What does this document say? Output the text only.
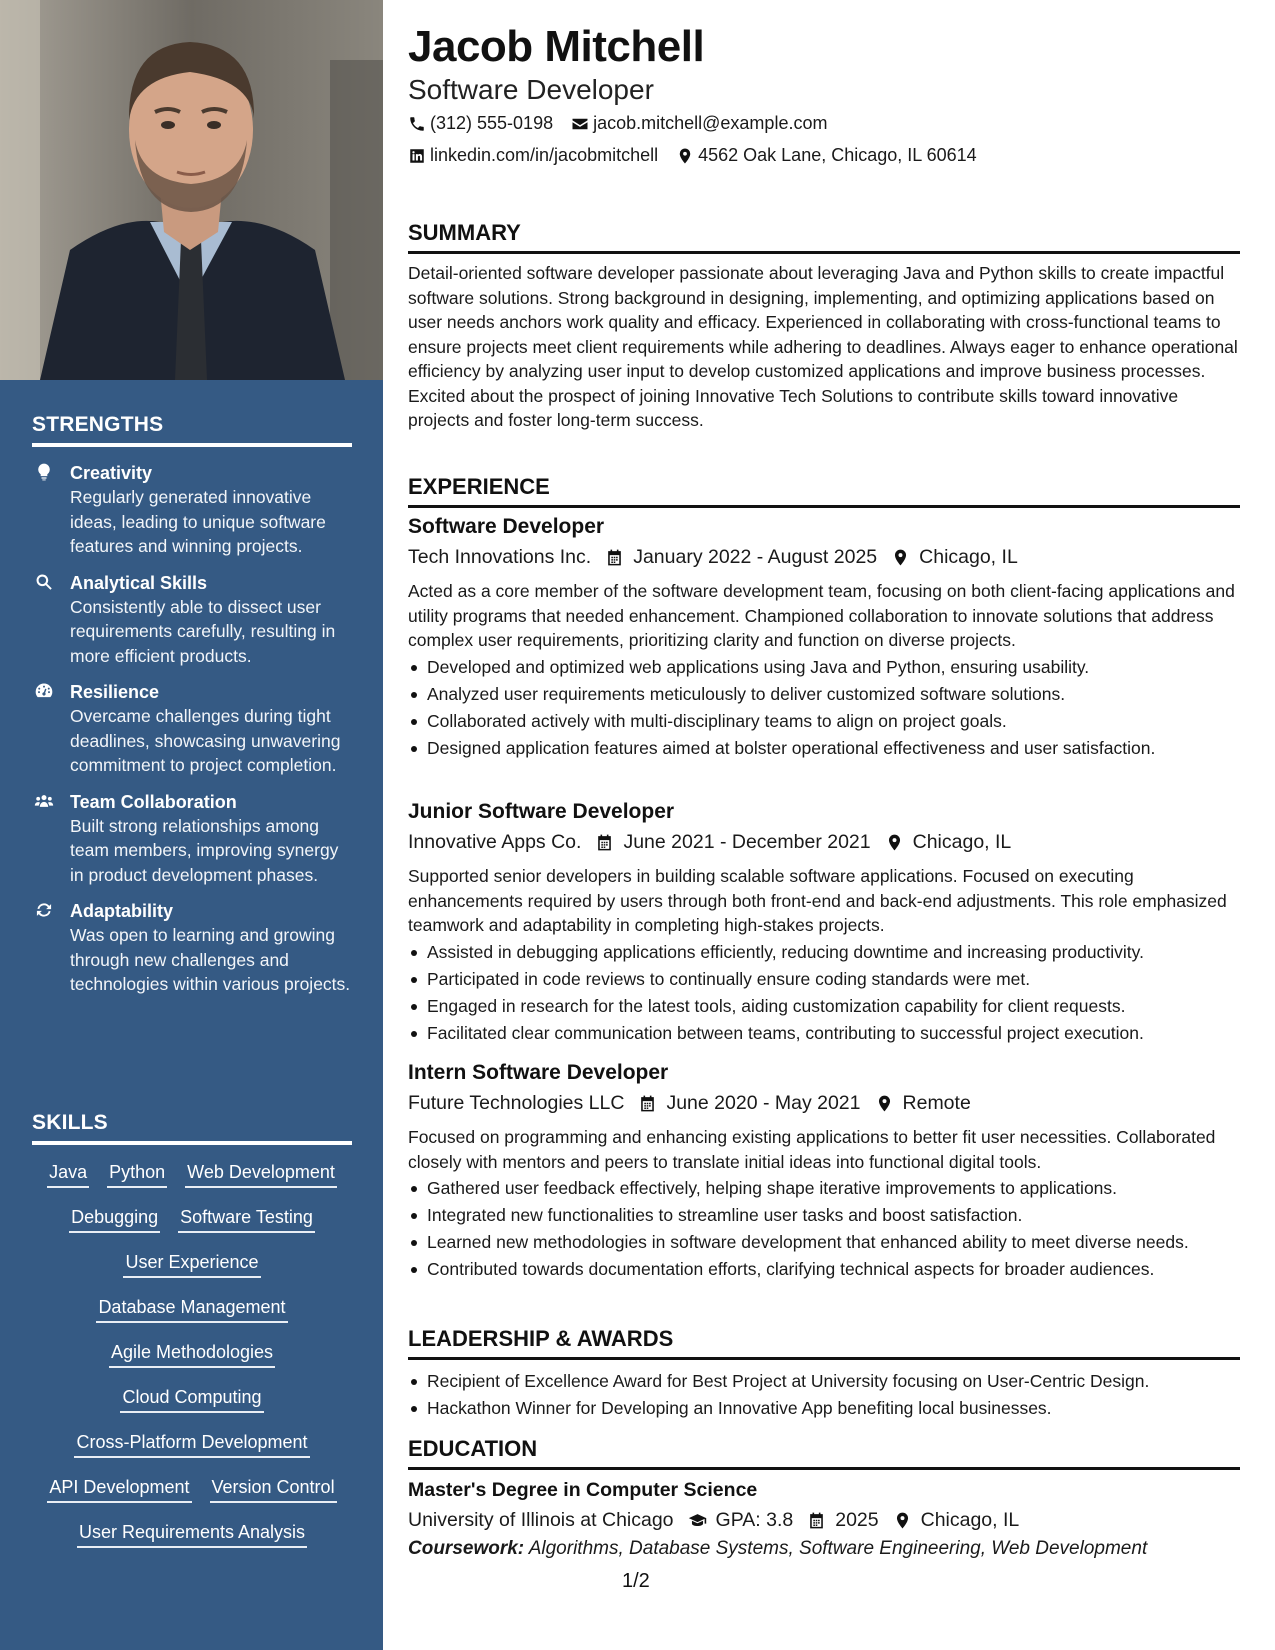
STRENGTHS
Creativity
Regularly generated innovative ideas, leading to unique software features and winning projects.
Analytical Skills
Consistently able to dissect user requirements carefully, resulting in more efficient products.
Resilience
Overcame challenges during tight deadlines, showcasing unwavering commitment to project completion.
Team Collaboration
Built strong relationships among team members, improving synergy in product development phases.
Adaptability
Was open to learning and growing through new challenges and technologies within various projects.
SKILLS
Java Python Web Development
Debugging Software Testing
User Experience
Database Management
Agile Methodologies
Cloud Computing
Cross-Platform Development
API Development Version Control
User Requirements Analysis
Jacob Mitchell
Software Developer
(312) 555-0198 jacob.mitchell@example.com
linkedin.com/in/jacobmitchell 4562 Oak Lane, Chicago, IL 60614
SUMMARY
Detail-oriented software developer passionate about leveraging Java and Python skills to create impactful software solutions. Strong background in designing, implementing, and optimizing applications based on user needs anchors work quality and efficacy. Experienced in collaborating with cross-functional teams to ensure projects meet client requirements while adhering to deadlines. Always eager to enhance operational efficiency by analyzing user input to develop customized applications and improve business processes. Excited about the prospect of joining Innovative Tech Solutions to contribute skills toward innovative projects and foster long-term success.
EXPERIENCE
Software Developer
Tech Innovations Inc. January 2022 - August 2025 Chicago, IL
Acted as a core member of the software development team, focusing on both client-facing applications and utility programs that needed enhancement. Championed collaboration to innovate solutions that address complex user requirements, prioritizing clarity and function on diverse projects.
Developed and optimized web applications using Java and Python, ensuring usability.
Analyzed user requirements meticulously to deliver customized software solutions.
Collaborated actively with multi-disciplinary teams to align on project goals.
Designed application features aimed at bolster operational effectiveness and user satisfaction.
Junior Software Developer
Innovative Apps Co. June 2021 - December 2021 Chicago, IL
Supported senior developers in building scalable software applications. Focused on executing enhancements required by users through both front-end and back-end adjustments. This role emphasized teamwork and adaptability in completing high-stakes projects.
Assisted in debugging applications efficiently, reducing downtime and increasing productivity.
Participated in code reviews to continually ensure coding standards were met.
Engaged in research for the latest tools, aiding customization capability for client requests.
Facilitated clear communication between teams, contributing to successful project execution.
Intern Software Developer
Future Technologies LLC June 2020 - May 2021 Remote
Focused on programming and enhancing existing applications to better fit user necessities. Collaborated closely with mentors and peers to translate initial ideas into functional digital tools.
Gathered user feedback effectively, helping shape iterative improvements to applications.
Integrated new functionalities to streamline user tasks and boost satisfaction.
Learned new methodologies in software development that enhanced ability to meet diverse needs.
Contributed towards documentation efforts, clarifying technical aspects for broader audiences.
LEADERSHIP & AWARDS
Recipient of Excellence Award for Best Project at University focusing on User-Centric Design.
Hackathon Winner for Developing an Innovative App benefiting local businesses.
EDUCATION
Master's Degree in Computer Science
University of Illinois at Chicago GPA: 3.8 2025 Chicago, IL
Coursework: Algorithms, Database Systems, Software Engineering, Web Development
1/2
